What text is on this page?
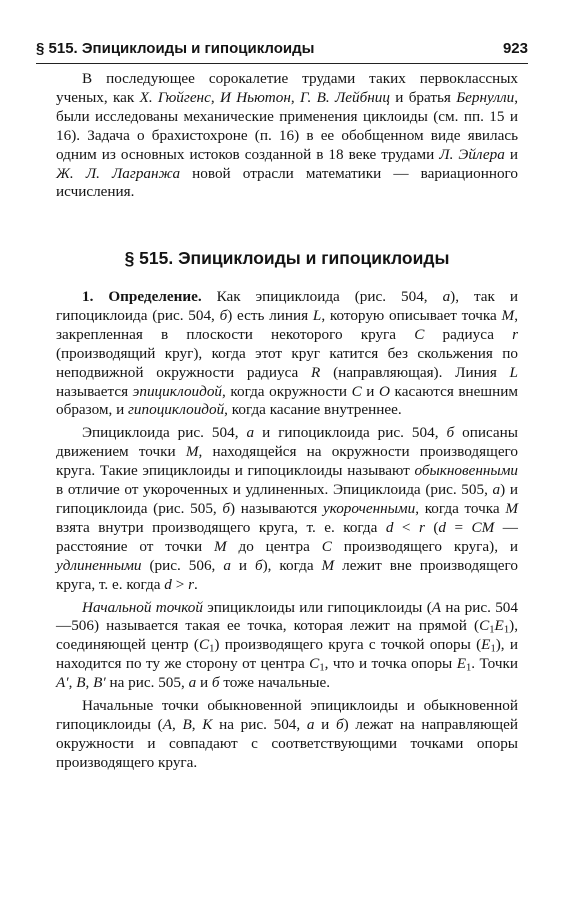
§ 515. Эпициклоиды и гипоциклоиды	923

В последующее сорокалетие трудами таких первоклассных ученых, как Х. Гюйгенс, И Ньютон, Г. В. Лейбниц и братья Бернулли, были исследованы механические применения циклоиды (см. пп. 15 и 16). Задача о брахистохроне (п. 16) в ее обобщенном виде явилась одним из основных истоков созданной в 18 веке трудами Л. Эйлера и Ж. Л. Лагранжа новой отрасли математики — вариационного исчисления.

§ 515. Эпициклоиды и гипоциклоиды

1. Определение. Как эпициклоида (рис. 504, а), так и гипоциклоида (рис. 504, б) есть линия L, которую описывает точка M, закрепленная в плоскости некоторого круга C радиуса r (производящий круг), когда этот круг катится без скольжения по неподвижной окружности радиуса R (направляющая). Линия L называется эпициклоидой, когда окружности C и O касаются внешним образом, и гипоциклоидой, когда касание внутреннее.

Эпициклоида рис. 504, а и гипоциклоида рис. 504, б описаны движением точки M, находящейся на окружности производящего круга. Такие эпициклоиды и гипоциклоиды называют обыкновенными в отличие от укороченных и удлиненных. Эпициклоида (рис. 505, а) и гипоциклоида (рис. 505, б) называются укороченными, когда точка M взята внутри производящего круга, т. е. когда d < r (d = CM — расстояние от точки M до центра C производящего круга), и удлиненными (рис. 506, а и б), когда M лежит вне производящего круга, т. е. когда d > r.

Начальной точкой эпициклоиды или гипоциклоиды (A на рис. 504—506) называется такая ее точка, которая лежит на прямой $(C_1E_1)$, соединяющей центр $(C_1)$ производящего круга с точкой опоры $(E_1)$, и находится по ту же сторону от центра $C_1$, что и точка опоры $E_1$. Точки A′, B, B′ на рис. 505, а и б тоже начальные.

Начальные точки обыкновенной эпициклоиды и обыкновенной гипоциклоиды (A, B, K на рис. 504, а и б) лежат на направляющей окружности и совпадают с соответствующими точками опоры производящего круга.
